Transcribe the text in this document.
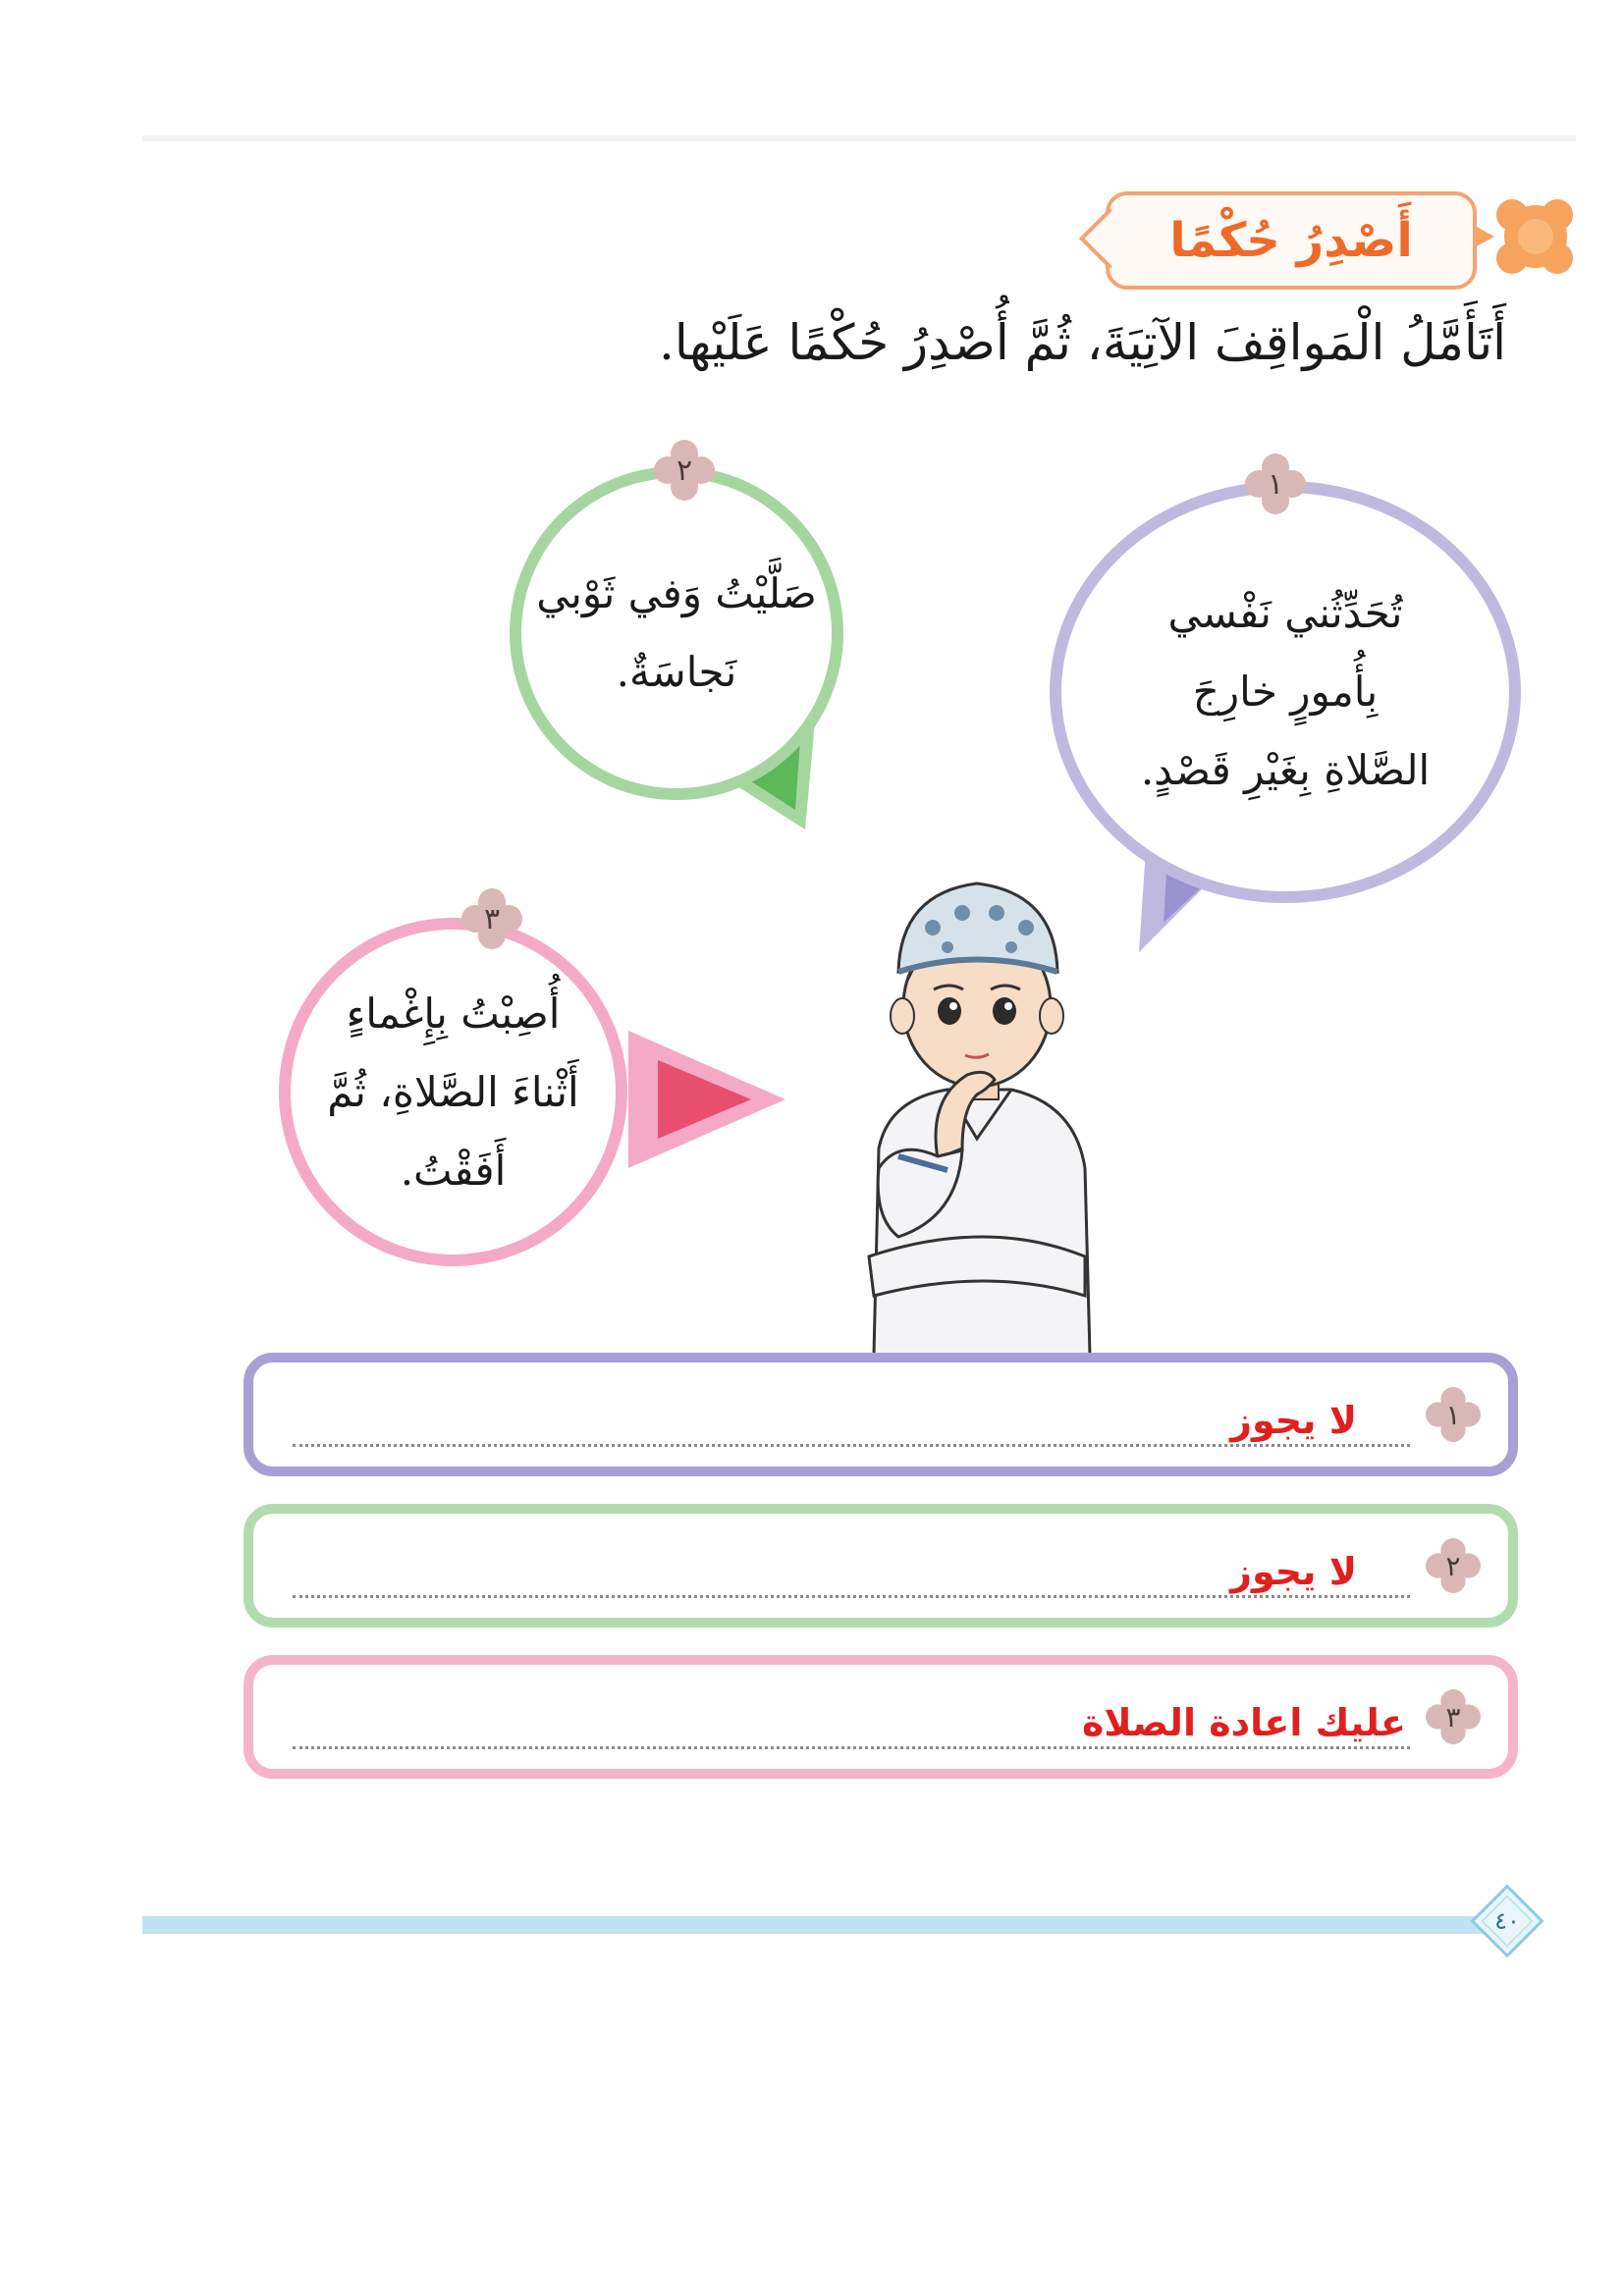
أَصْدِرُ حُكْمًا
أَتَأَمَّلُ الْمَواقِفَ الآتِيَةَ، ثُمَّ أُصْدِرُ حُكْمًا عَلَيْها.
تُحَدِّثُني نَفْسي
بِأُمورٍ خارِجَ
الصَّلاةِ بِغَيْرِ قَصْدٍ.
١
صَلَّيْتُ وَفي ثَوْبي
نَجاسَةٌ.
٢
أُصِبْتُ بِإِغْماءٍ
أَثْناءَ الصَّلاةِ، ثُمَّ
أَفَقْتُ.
٣
١
لا يجوز
٢
لا يجوز
٣
عليك اعادة الصلاة
٤٠
